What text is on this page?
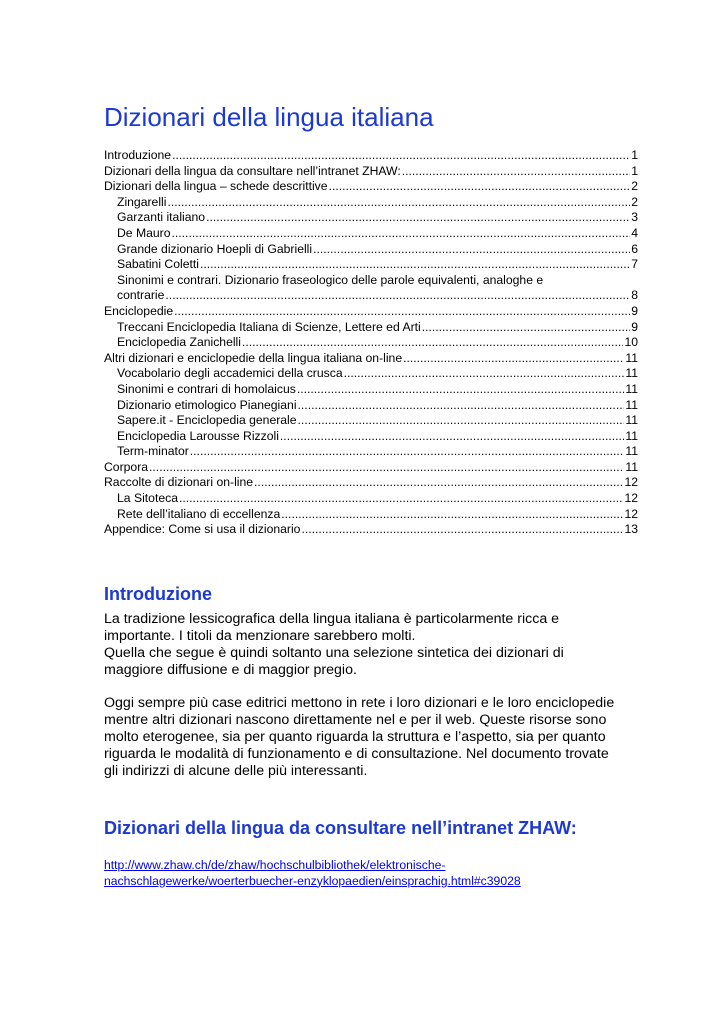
Dizionari della lingua italiana
Introduzione .....	1
Dizionari della lingua da consultare nell’intranet ZHAW: .....	1
Dizionari della lingua – schede descrittive .....	2
Zingarelli .....	2
Garzanti italiano .....	3
De Mauro .....	4
Grande dizionario Hoepli di Gabrielli .....	6
Sabatini Coletti .....	7
Sinonimi e contrari. Dizionario fraseologico delle parole equivalenti, analoghe e
contrarie .....	8
Enciclopedie .....	9
Treccani Enciclopedia Italiana di Scienze, Lettere ed Arti .....	9
Enciclopedia Zanichelli .....	10
Altri dizionari e enciclopedie della lingua italiana on-line .....	11
Vocabolario degli accademici della crusca .....	11
Sinonimi e contrari di homolaicus .....	11
Dizionario etimologico Pianegiani .....	11
Sapere.it - Enciclopedia generale .....	11
Enciclopedia Larousse Rizzoli .....	11
Term-minator .....	11
Corpora .....	11
Raccolte di dizionari on-line .....	12
La Sitoteca .....	12
Rete dell’italiano di eccellenza .....	12
Appendice: Come si usa il dizionario .....	13
Introduzione

La tradizione lessicografica della lingua italiana è particolarmente ricca e
importante. I titoli da menzionare sarebbero molti.
Quella che segue è quindi soltanto una selezione sintetica dei dizionari di
maggiore diffusione e di maggior pregio.

Oggi sempre più case editrici mettono in rete i loro dizionari e le loro enciclopedie
mentre altri dizionari nascono direttamente nel e per il web. Queste risorse sono
molto eterogenee, sia per quanto riguarda la struttura e l’aspetto, sia per quanto
riguarda le modalità di funzionamento e di consultazione. Nel documento trovate
gli indirizzi di alcune delle più interessanti.

Dizionari della lingua da consultare nell’intranet ZHAW:
http://www.zhaw.ch/de/zhaw/hochschulbibliothek/elektronische-
nachschlagewerke/woerterbuecher-enzyklopaedien/einsprachig.html#c39028
